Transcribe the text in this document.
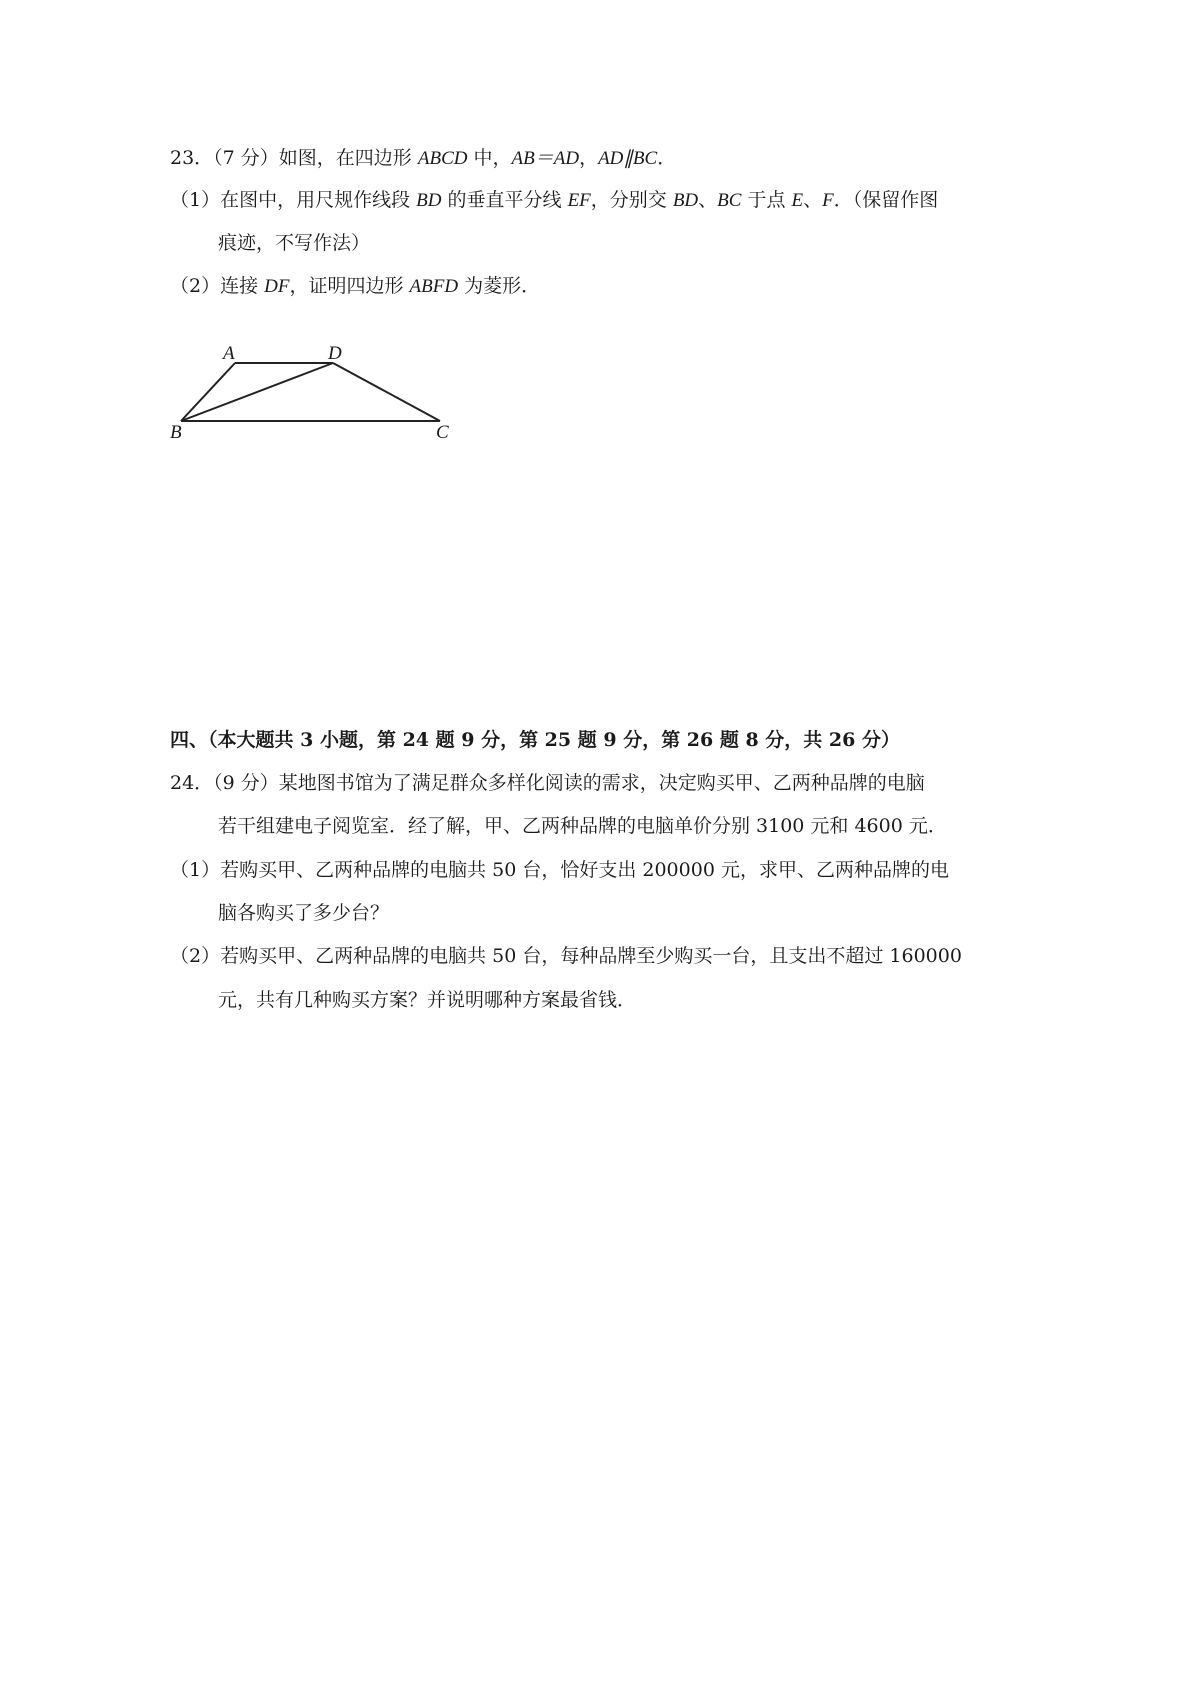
23．（7 分）如图，在四边形 ABCD 中，AB＝AD，AD∥BC．
（1）在图中，用尺规作线段 BD 的垂直平分线 EF，分别交 BD、BC 于点 E、F．（保留作图
痕迹，不写作法）
（2）连接 DF，证明四边形 ABFD 为菱形．
A	D
B	C
四、（本大题共 3 小题，第 24 题 9 分，第 25 题 9 分，第 26 题 8 分，共 26 分）
24．（9 分）某地图书馆为了满足群众多样化阅读的需求，决定购买甲、乙两种品牌的电脑
若干组建电子阅览室．经了解，甲、乙两种品牌的电脑单价分别 3100 元和 4600 元．
（1）若购买甲、乙两种品牌的电脑共 50 台，恰好支出 200000 元，求甲、乙两种品牌的电
脑各购买了多少台？
（2）若购买甲、乙两种品牌的电脑共 50 台，每种品牌至少购买一台，且支出不超过 160000
元，共有几种购买方案？并说明哪种方案最省钱．
